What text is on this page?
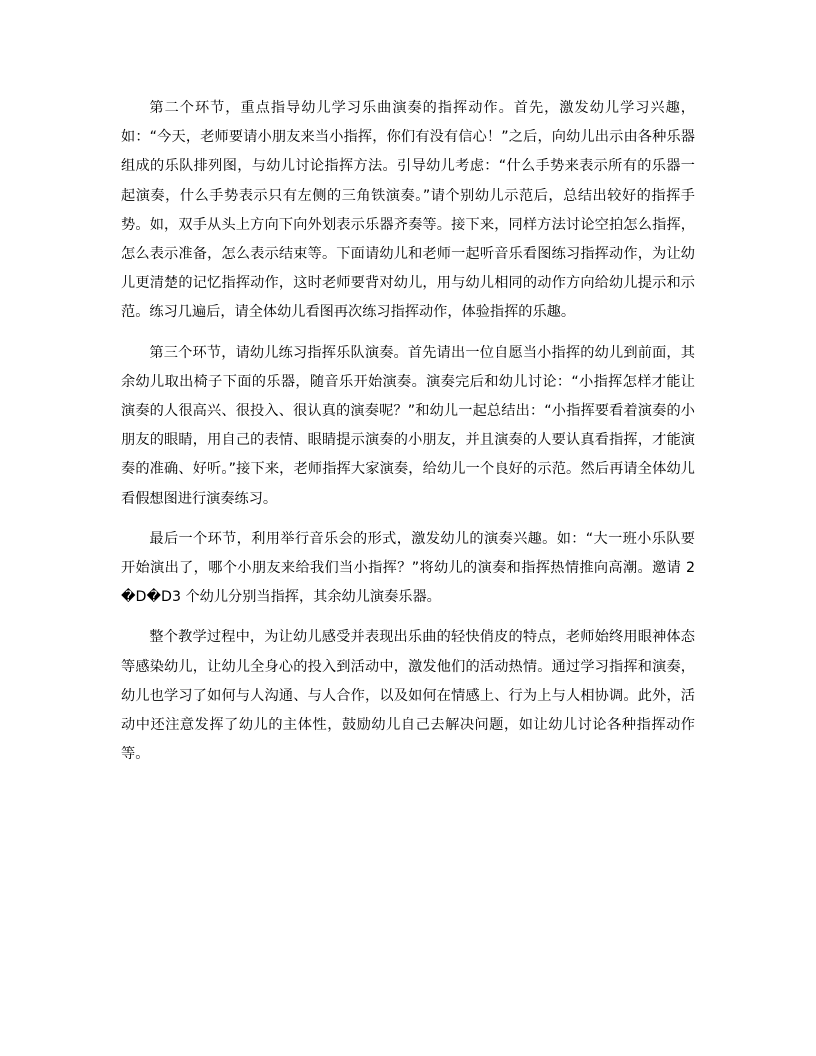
第二个环节，重点指导幼儿学习乐曲演奏的指挥动作。首先，激发幼儿学习兴趣，如：“今天，老师要请小朋友来当小指挥，你们有没有信心！”之后，向幼儿出示由各种乐器组成的乐队排列图，与幼儿讨论指挥方法。引导幼儿考虑：“什么手势来表示所有的乐器一起演奏，什么手势表示只有左侧的三角铁演奏。”请个别幼儿示范后，总结出较好的指挥手势。如，双手从头上方向下向外划表示乐器齐奏等。接下来，同样方法讨论空拍怎么指挥，怎么表示准备，怎么表示结束等。下面请幼儿和老师一起听音乐看图练习指挥动作，为让幼儿更清楚的记忆指挥动作，这时老师要背对幼儿，用与幼儿相同的动作方向给幼儿提示和示范。练习几遍后，请全体幼儿看图再次练习指挥动作，体验指挥的乐趣。

第三个环节，请幼儿练习指挥乐队演奏。首先请出一位自愿当小指挥的幼儿到前面，其余幼儿取出椅子下面的乐器，随音乐开始演奏。演奏完后和幼儿讨论：“小指挥怎样才能让演奏的人很高兴、很投入、很认真的演奏呢？”和幼儿一起总结出：“小指挥要看着演奏的小朋友的眼睛，用自己的表情、眼睛提示演奏的小朋友，并且演奏的人要认真看指挥，才能演奏的准确、好听。”接下来，老师指挥大家演奏，给幼儿一个良好的示范。然后再请全体幼儿看假想图进行演奏练习。

最后一个环节，利用举行音乐会的形式，激发幼儿的演奏兴趣。如：“大一班小乐队要开始演出了，哪个小朋友来给我们当小指挥？”将幼儿的演奏和指挥热情推向高潮。邀请 2�D�D3 个幼儿分别当指挥，其余幼儿演奏乐器。

整个教学过程中，为让幼儿感受并表现出乐曲的轻快俏皮的特点，老师始终用眼神体态等感染幼儿，让幼儿全身心的投入到活动中，激发他们的活动热情。通过学习指挥和演奏，幼儿也学习了如何与人沟通、与人合作，以及如何在情感上、行为上与人相协调。此外，活动中还注意发挥了幼儿的主体性，鼓励幼儿自己去解决问题，如让幼儿讨论各种指挥动作等。
